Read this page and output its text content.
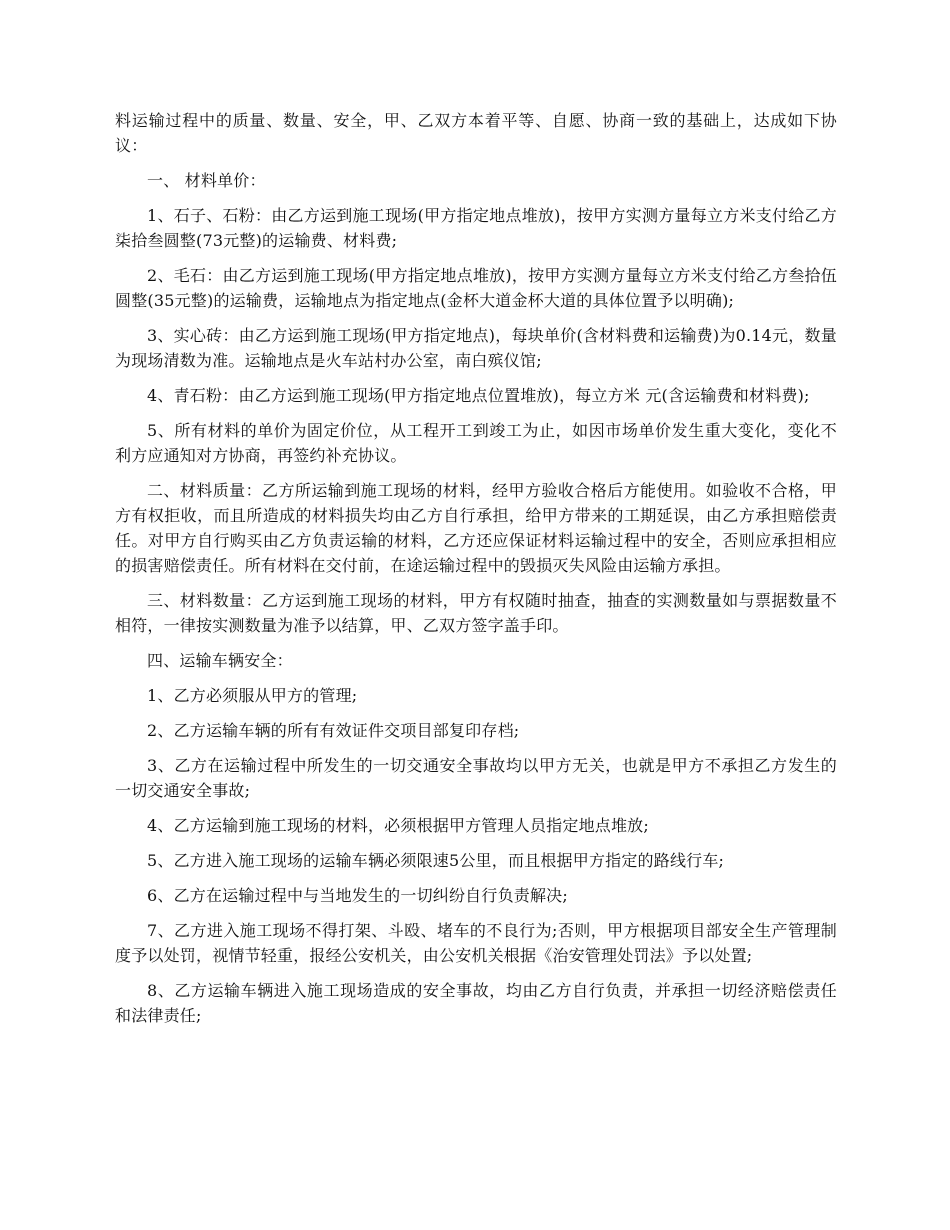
料运输过程中的质量、数量、安全，甲、乙双方本着平等、自愿、协商一致的基础上，达成如下协议：

一、 材料单价：

1、石子、石粉：由乙方运到施工现场(甲方指定地点堆放)，按甲方实测方量每立方米支付给乙方柒拾叁圆整(73元整)的运输费、材料费;

2、毛石：由乙方运到施工现场(甲方指定地点堆放)，按甲方实测方量每立方米支付给乙方叁拾伍圆整(35元整)的运输费，运输地点为指定地点(金杯大道金杯大道的具体位置予以明确);

3、实心砖：由乙方运到施工现场(甲方指定地点)，每块单价(含材料费和运输费)为0.14元，数量为现场清数为准。运输地点是火车站村办公室，南白殡仪馆;

4、青石粉：由乙方运到施工现场(甲方指定地点位置堆放)，每立方米 元(含运输费和材料费);

5、所有材料的单价为固定价位，从工程开工到竣工为止，如因市场单价发生重大变化，变化不利方应通知对方协商，再签约补充协议。

二、材料质量：乙方所运输到施工现场的材料，经甲方验收合格后方能使用。如验收不合格，甲方有权拒收，而且所造成的材料损失均由乙方自行承担，给甲方带来的工期延误，由乙方承担赔偿责任。对甲方自行购买由乙方负责运输的材料，乙方还应保证材料运输过程中的安全，否则应承担相应的损害赔偿责任。所有材料在交付前，在途运输过程中的毁损灭失风险由运输方承担。

三、材料数量：乙方运到施工现场的材料，甲方有权随时抽查，抽查的实测数量如与票据数量不相符，一律按实测数量为准予以结算，甲、乙双方签字盖手印。

四、运输车辆安全：

1、乙方必须服从甲方的管理;

2、乙方运输车辆的所有有效证件交项目部复印存档;

3、乙方在运输过程中所发生的一切交通安全事故均以甲方无关，也就是甲方不承担乙方发生的一切交通安全事故;

4、乙方运输到施工现场的材料，必须根据甲方管理人员指定地点堆放;

5、乙方进入施工现场的运输车辆必须限速5公里，而且根据甲方指定的路线行车;

6、乙方在运输过程中与当地发生的一切纠纷自行负责解决;

7、乙方进入施工现场不得打架、斗殴、堵车的不良行为;否则，甲方根据项目部安全生产管理制度予以处罚，视情节轻重，报经公安机关，由公安机关根据《治安管理处罚法》予以处置;

8、乙方运输车辆进入施工现场造成的安全事故，均由乙方自行负责，并承担一切经济赔偿责任和法律责任;
